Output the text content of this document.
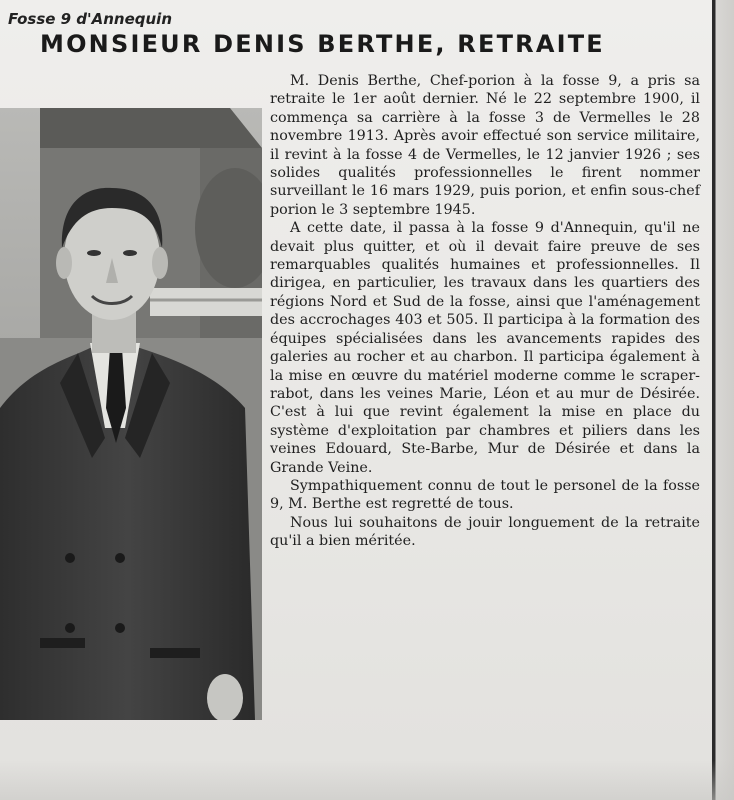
Fosse 9 d'Annequin
MONSIEUR DENIS BERTHE, RETRAITE

M. Denis Berthe, Chef-porion à la fosse 9, a pris sa retraite le 1er août dernier. Né le 22 septembre 1900, il commença sa carrière à la fosse 3 de Vermelles le 28 novembre 1913. Après avoir effectué son service militaire, il revint à la fosse 4 de Vermelles, le 12 janvier 1926 ; ses solides qualités professionnelles le firent nommer surveillant le 16 mars 1929, puis porion, et enfin sous-chef porion le 3 septembre 1945.

A cette date, il passa à la fosse 9 d'Annequin, qu'il ne devait plus quitter, et où il devait faire preuve de ses remarquables qualités humaines et professionnelles. Il dirigea, en particulier, les travaux dans les quartiers des régions Nord et Sud de la fosse, ainsi que l'aménagement des accrochages 403 et 505. Il participa à la formation des équipes spécialisées dans les avancements rapides des galeries au rocher et au charbon. Il participa également à la mise en œuvre du matériel moderne comme le scraper-rabot, dans les veines Marie, Léon et au mur de Désirée. C'est à lui que revint également la mise en place du système d'exploitation par chambres et piliers dans les veines Edouard, Ste-Barbe, Mur de Désirée et dans la Grande Veine.

Sympathiquement connu de tout le personel de la fosse 9, M. Berthe est regretté de tous.

Nous lui souhaitons de jouir longuement de la retraite qu'il a bien méritée.
